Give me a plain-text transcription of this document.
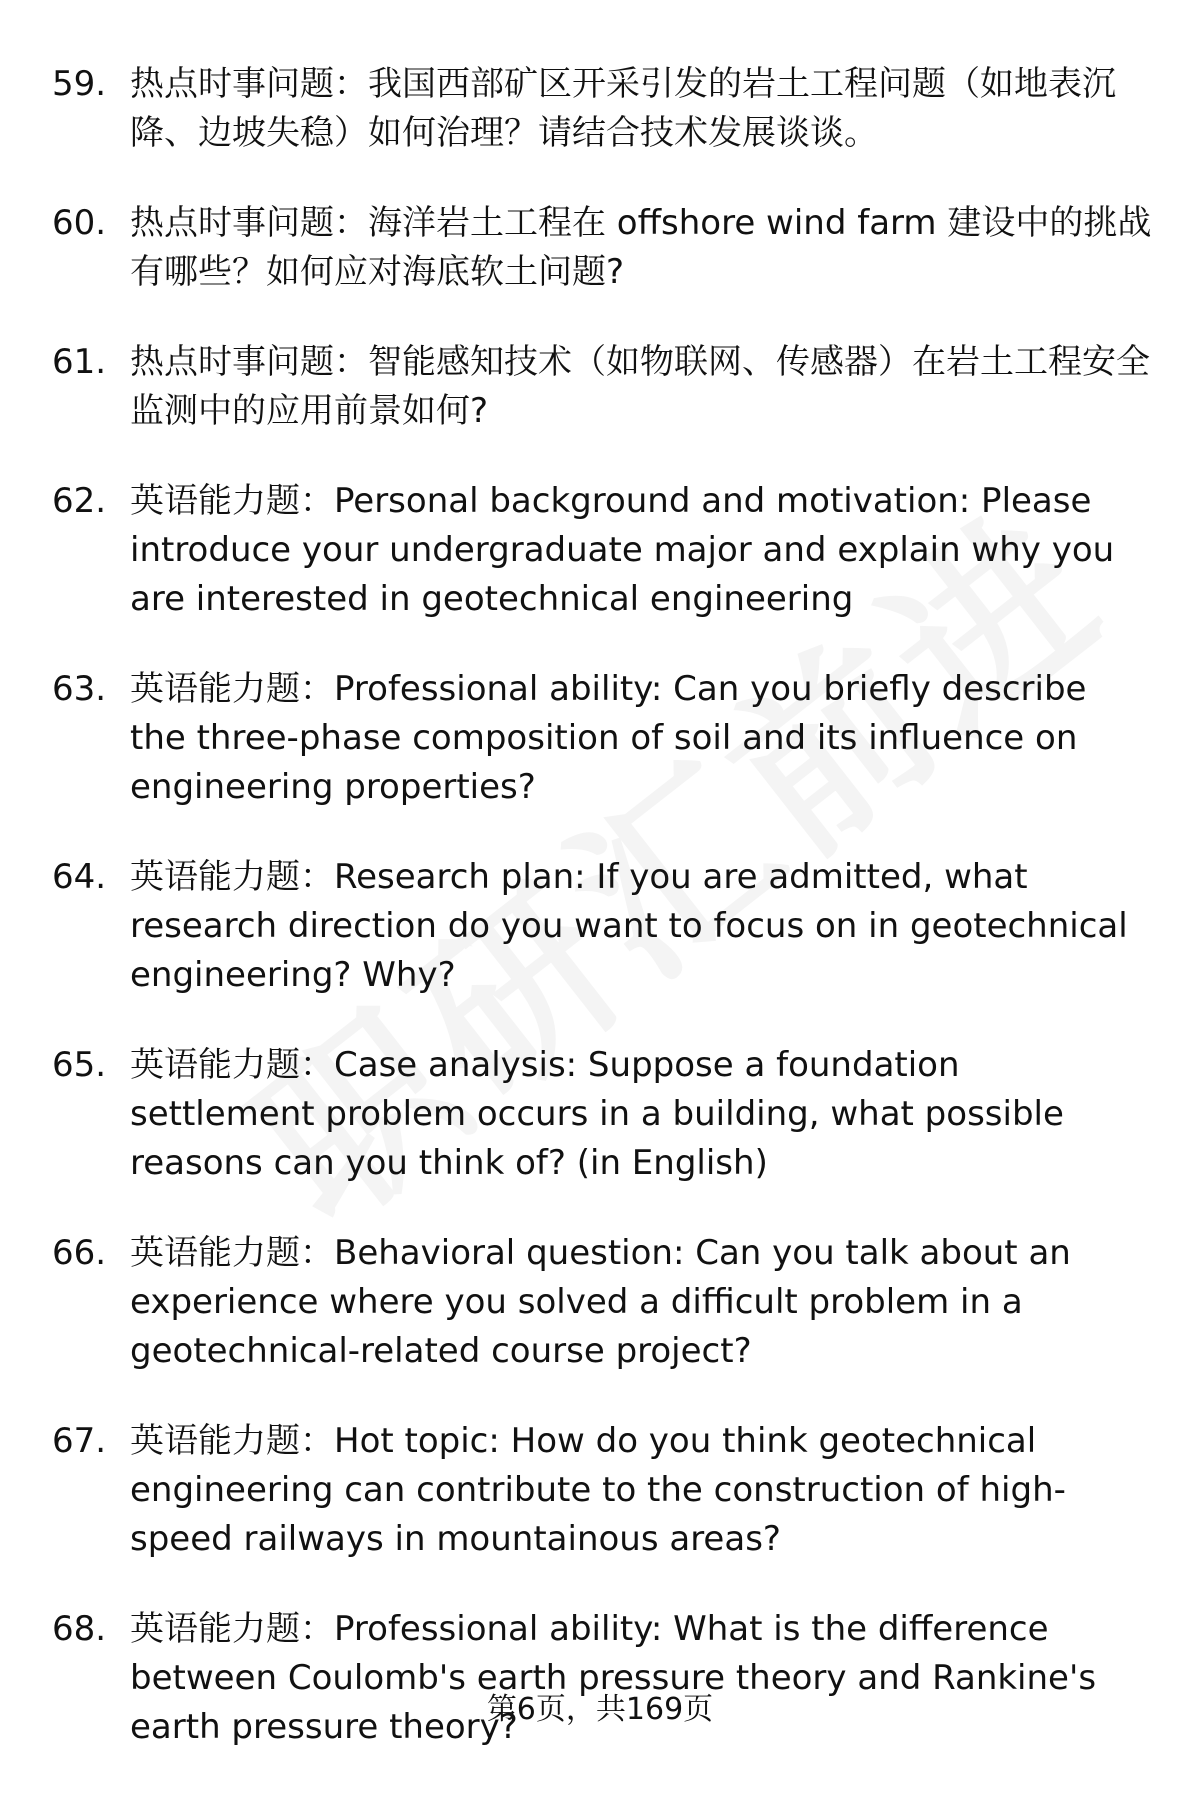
59. 热点时事问题：我国西部矿区开采引发的岩土工程问题（如地表沉降、边坡失稳）如何治理？请结合技术发展谈谈。
60. 热点时事问题：海洋岩土工程在 offshore wind farm 建设中的挑战有哪些？如何应对海底软土问题?
61. 热点时事问题：智能感知技术（如物联网、传感器）在岩土工程安全监测中的应用前景如何?
62. 英语能力题：Personal background and motivation: Please introduce your undergraduate major and explain why you are interested in geotechnical engineering
63. 英语能力题：Professional ability: Can you briefly describe the three-phase composition of soil and its influence on engineering properties?
64. 英语能力题：Research plan: If you are admitted, what research direction do you want to focus on in geotechnical engineering? Why?
65. 英语能力题：Case analysis: Suppose a foundation settlement problem occurs in a building, what possible reasons can you think of? (in English)
66. 英语能力题：Behavioral question: Can you talk about an experience where you solved a difficult problem in a geotechnical-related course project?
67. 英语能力题：Hot topic: How do you think geotechnical engineering can contribute to the construction of high-speed railways in mountainous areas?
68. 英语能力题：Professional ability: What is the difference between Coulomb's earth pressure theory and Rankine's earth pressure theory?
第6页，共169页
